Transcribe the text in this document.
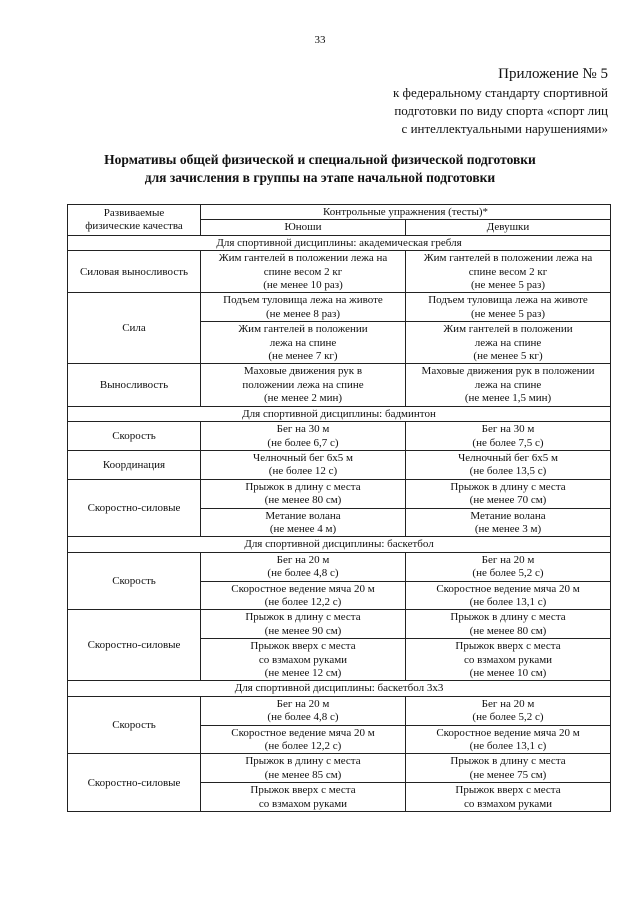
33
Приложение № 5
к федеральному стандарту спортивной
подготовки по виду спорта «спорт лиц
с интеллектуальными нарушениями»
Нормативы общей физической и специальной физической подготовки
для зачисления в группы на этапе начальной подготовки
Развиваемые
физические качества	Контрольные упражнения (тесты)*	
	Юноши	Девушки
Для спортивной дисциплины: академическая гребля		
Силовая выносливость	Жим гантелей в положении лежа на
спине весом 2 кг
(не менее 10 раз)	Жим гантелей в положении лежа на
спине весом 2 кг
(не менее 5 раз)

Сила	Подъем туловища лежа на животе
(не менее 8 раз)	Подъем туловища лежа на животе
(не менее 5 раз)

	Жим гантелей в положении
лежа на спине
(не менее 7 кг)	Жим гантелей в положении
лежа на спине
(не менее 5 кг)

Выносливость	Маховые движения рук в
положении лежа на спине
(не менее 2 мин)	Маховые движения рук в положении
лежа на спине
(не менее 1,5 мин)

Для спортивной дисциплины: бадминтон		
Скорость	Бег на 30 м
(не более 6,7 с)	Бег на 30 м
(не более 7,5 с)

Координация	Челночный бег 6х5 м
(не более 12 с)	Челночный бег 6х5 м
(не более 13,5 с)

Скоростно-силовые	Прыжок в длину с места
(не менее 80 см)	Прыжок в длину с места
(не менее 70 см)

	Метание волана
(не менее 4 м)	Метание волана
(не менее 3 м)

Для спортивной дисциплины: баскетбол		
Скорость	Бег на 20 м
(не более 4,8 с)	Бег на 20 м
(не более 5,2 с)

	Скоростное ведение мяча 20 м
(не более 12,2 с)	Скоростное ведение мяча 20 м
(не более 13,1 с)

Скоростно-силовые	Прыжок в длину с места
(не менее 90 см)	Прыжок в длину с места
(не менее 80 см)

	Прыжок вверх с места
со взмахом руками
(не менее 12 см)	Прыжок вверх с места
со взмахом руками
(не менее 10 см)

Для спортивной дисциплины: баскетбол 3х3		
Скорость	Бег на 20 м
(не более 4,8 с)	Бег на 20 м
(не более 5,2 с)

	Скоростное ведение мяча 20 м
(не более 12,2 с)	Скоростное ведение мяча 20 м
(не более 13,1 с)

Скоростно-силовые	Прыжок в длину с места
(не менее 85 см)	Прыжок в длину с места
(не менее 75 см)

	Прыжок вверх с места
со взмахом руками	Прыжок вверх с места
со взмахом руками
